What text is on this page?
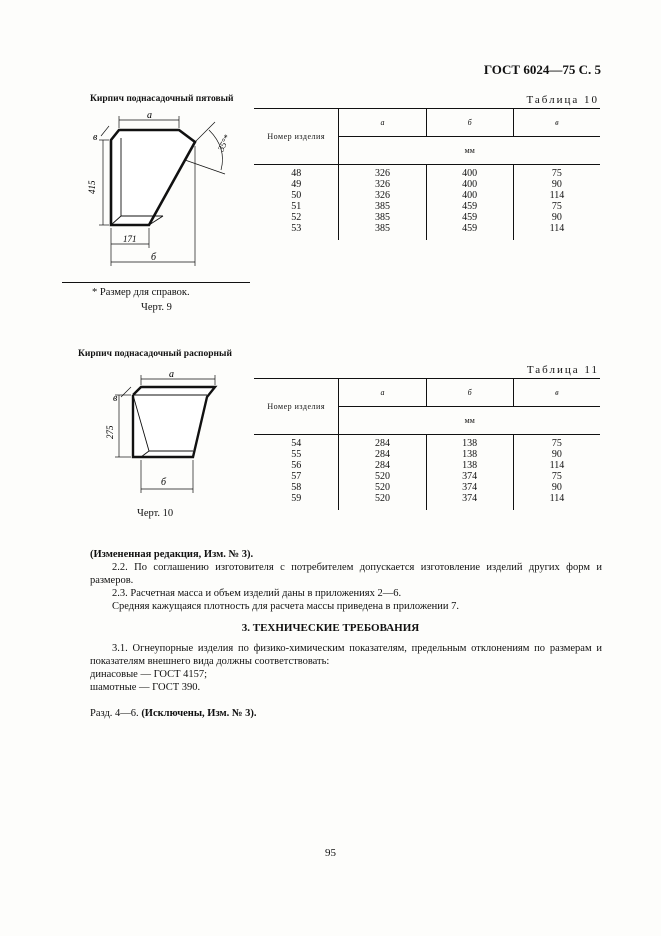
ГОСТ 6024—75 С. 5
Кирпич поднасадочный пятовый
а
в	35°*
415
171
б
Таблица 10
Номер изделия	а	б	в
	мм		
48	326	400	75
49	326	400	90
50	326	400	114
51	385	459	75
52	385	459	90
53	385	459	114
* Размер для справок.
Черт. 9
Кирпич поднасадочный распорный
а
в
275
б
Таблица 11
Номер изделия	а	б	в
	мм		
54	284	138	75
55	284	138	90
56	284	138	114
57	520	374	75
58	520	374	90
59	520	374	114
Черт. 10

(Измененная редакция, Изм. № 3).

2.2. По соглашению изготовителя с потребителем допускается изготовление изделий других форм и размеров.

2.3. Расчетная масса и объем изделий даны в приложениях 2—6.

Средняя кажущаяся плотность для расчета массы приведена в приложении 7.

3. ТЕХНИЧЕСКИЕ ТРЕБОВАНИЯ

3.1. Огнеупорные изделия по физико-химическим показателям, предельным отклонениям по размерам и показателям внешнего вида должны соответствовать:

динасовые — ГОСТ 4157;

шамотные — ГОСТ 390.

Разд. 4—6. (Исключены, Изм. № 3).

95
